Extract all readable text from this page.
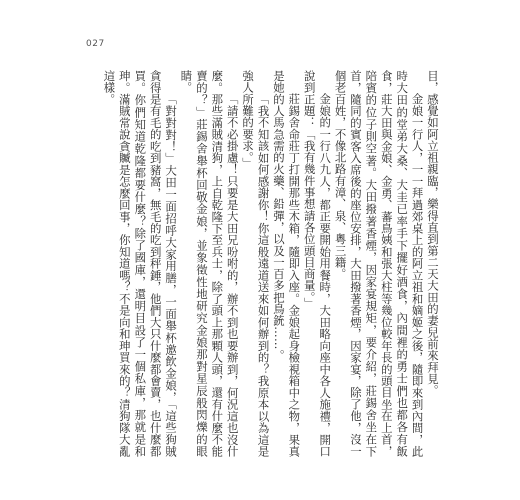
027

目，感覺如阿立祖親臨，樂得直到第二天大田的妻兒前來拜見。

金娘一行人，一一拜過郊桌上的阿立祖和嫡姬之後，隨即來到內間，此時大田的堂弟大桑、大圭已率手下擺好酒食，內間裡的勇士們也都各有飯食，莊大田與金娘、金勇、蕃鳥姨和張大柱等幾位較年長的頭目坐在上首，陪賓的位子則空著。大田撥著香煙，因家宴規矩，要介紹，莊錫舍坐在下首，隨同的賓客入席後的座位安排，大田撥著香煙，因家宴，除了他，沒一個老百姓，不像北路有漳、泉、粵三籍。

金娘的一行八九人，都正要開始用餐時，大田略向座中各人施禮，開口說到正題：「我有幾件事想請各位頭目商量。」

莊錫舍命莊丁打開那些木箱，隨即入座。金娘起身檢視箱中之物，果真是她的人馬急需的火藥、鉛彈，以及一百多把鳥銃……。

「我不知該如何感謝你！你這般遠道送來如何辦到的？我原本以為這是強人所難的要求。」

「請不必掛慮！只要是大田兄吩咐的，辦不到也要辦到，何況這也沒什麼。那些滿賊清狗，上自乾隆下至兵士，除了頭上那顆人頭，還有什麼不能賣的？」莊錫舍舉杯回敬金娘，並象徵性地研究金娘那對星辰般閃爍的眼睛。

「對對對！」大田一面招呼大家用膳，一面舉杯邀飲金娘，「這些狗賊貪得是有毛的吃到豬窩，無毛的吃到秤錘，他們大只什麼都會賣，也什麼都買。你們知道乾隆都要什麼？除了國庫，還明目設了一個私庫，那就是和珅。滿賊常說貪贓是怎麼回事，你知道嗎？不是向和珅買來的？清狗隊大亂這樣。
